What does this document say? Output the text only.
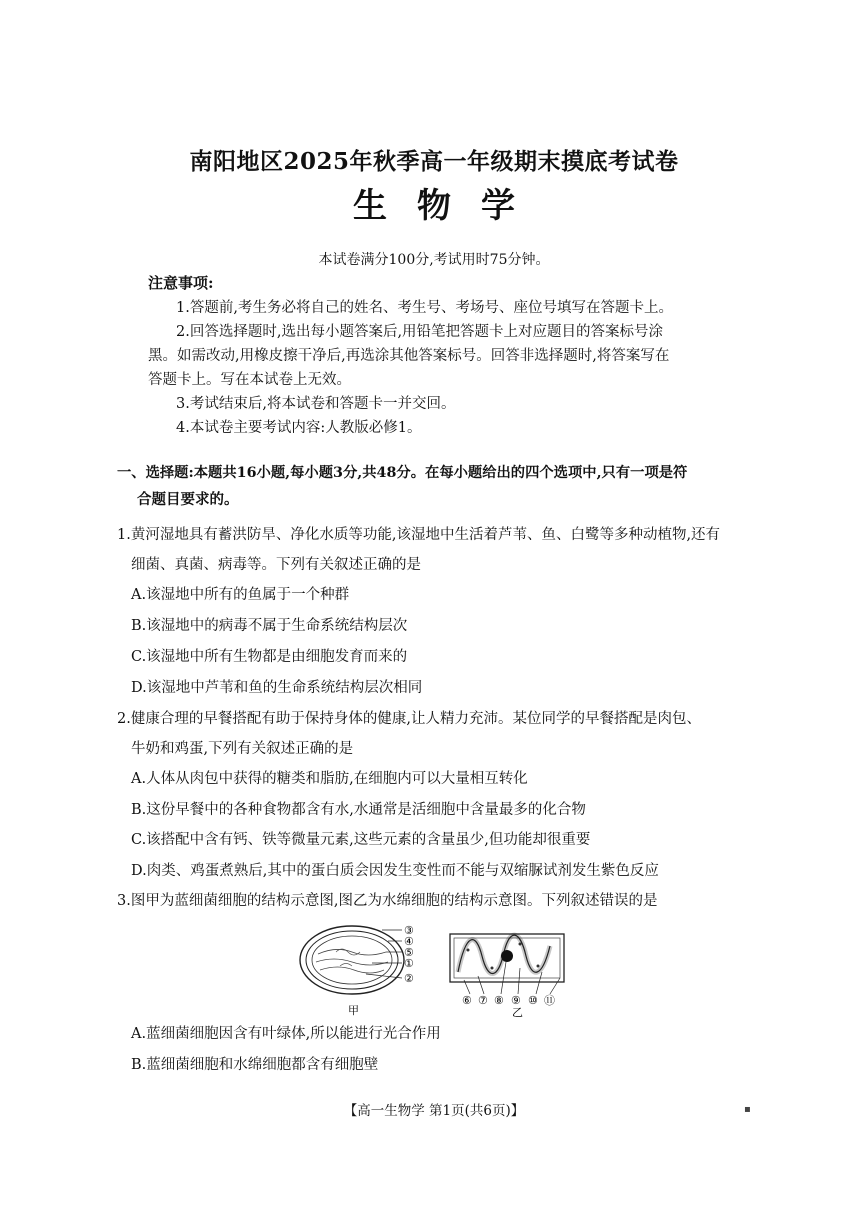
南阳地区2025年秋季高一年级期末摸底考试卷
生物学
本试卷满分100分,考试用时75分钟。
注意事项:
1.答题前,考生务必将自己的姓名、考生号、考场号、座位号填写在答题卡上。
2.回答选择题时,选出每小题答案后,用铅笔把答题卡上对应题目的答案标号涂
黑。如需改动,用橡皮擦干净后,再选涂其他答案标号。回答非选择题时,将答案写在
答题卡上。写在本试卷上无效。
3.考试结束后,将本试卷和答题卡一并交回。
4.本试卷主要考试内容:人教版必修1。
一、选择题:本题共16小题,每小题3分,共48分。在每小题给出的四个选项中,只有一项是符
合题目要求的。
1.黄河湿地具有蓄洪防旱、净化水质等功能,该湿地中生活着芦苇、鱼、白鹭等多种动植物,还有
细菌、真菌、病毒等。下列有关叙述正确的是
A.该湿地中所有的鱼属于一个种群
B.该湿地中的病毒不属于生命系统结构层次
C.该湿地中所有生物都是由细胞发育而来的
D.该湿地中芦苇和鱼的生命系统结构层次相同
2.健康合理的早餐搭配有助于保持身体的健康,让人精力充沛。某位同学的早餐搭配是肉包、
牛奶和鸡蛋,下列有关叙述正确的是
A.人体从肉包中获得的糖类和脂肪,在细胞内可以大量相互转化
B.这份早餐中的各种食物都含有水,水通常是活细胞中含量最多的化合物
C.该搭配中含有钙、铁等微量元素,这些元素的含量虽少,但功能却很重要
D.肉类、鸡蛋煮熟后,其中的蛋白质会因发生变性而不能与双缩脲试剂发生紫色反应
3.图甲为蓝细菌细胞的结构示意图,图乙为水绵细胞的结构示意图。下列叙述错误的是
③
④
⑤
①
②
甲
⑥ ⑦ ⑧ ⑨ ⑩ ⑪
乙
A.蓝细菌细胞因含有叶绿体,所以能进行光合作用
B.蓝细菌细胞和水绵细胞都含有细胞壁
【高一生物学 第1页(共6页)】	▪
